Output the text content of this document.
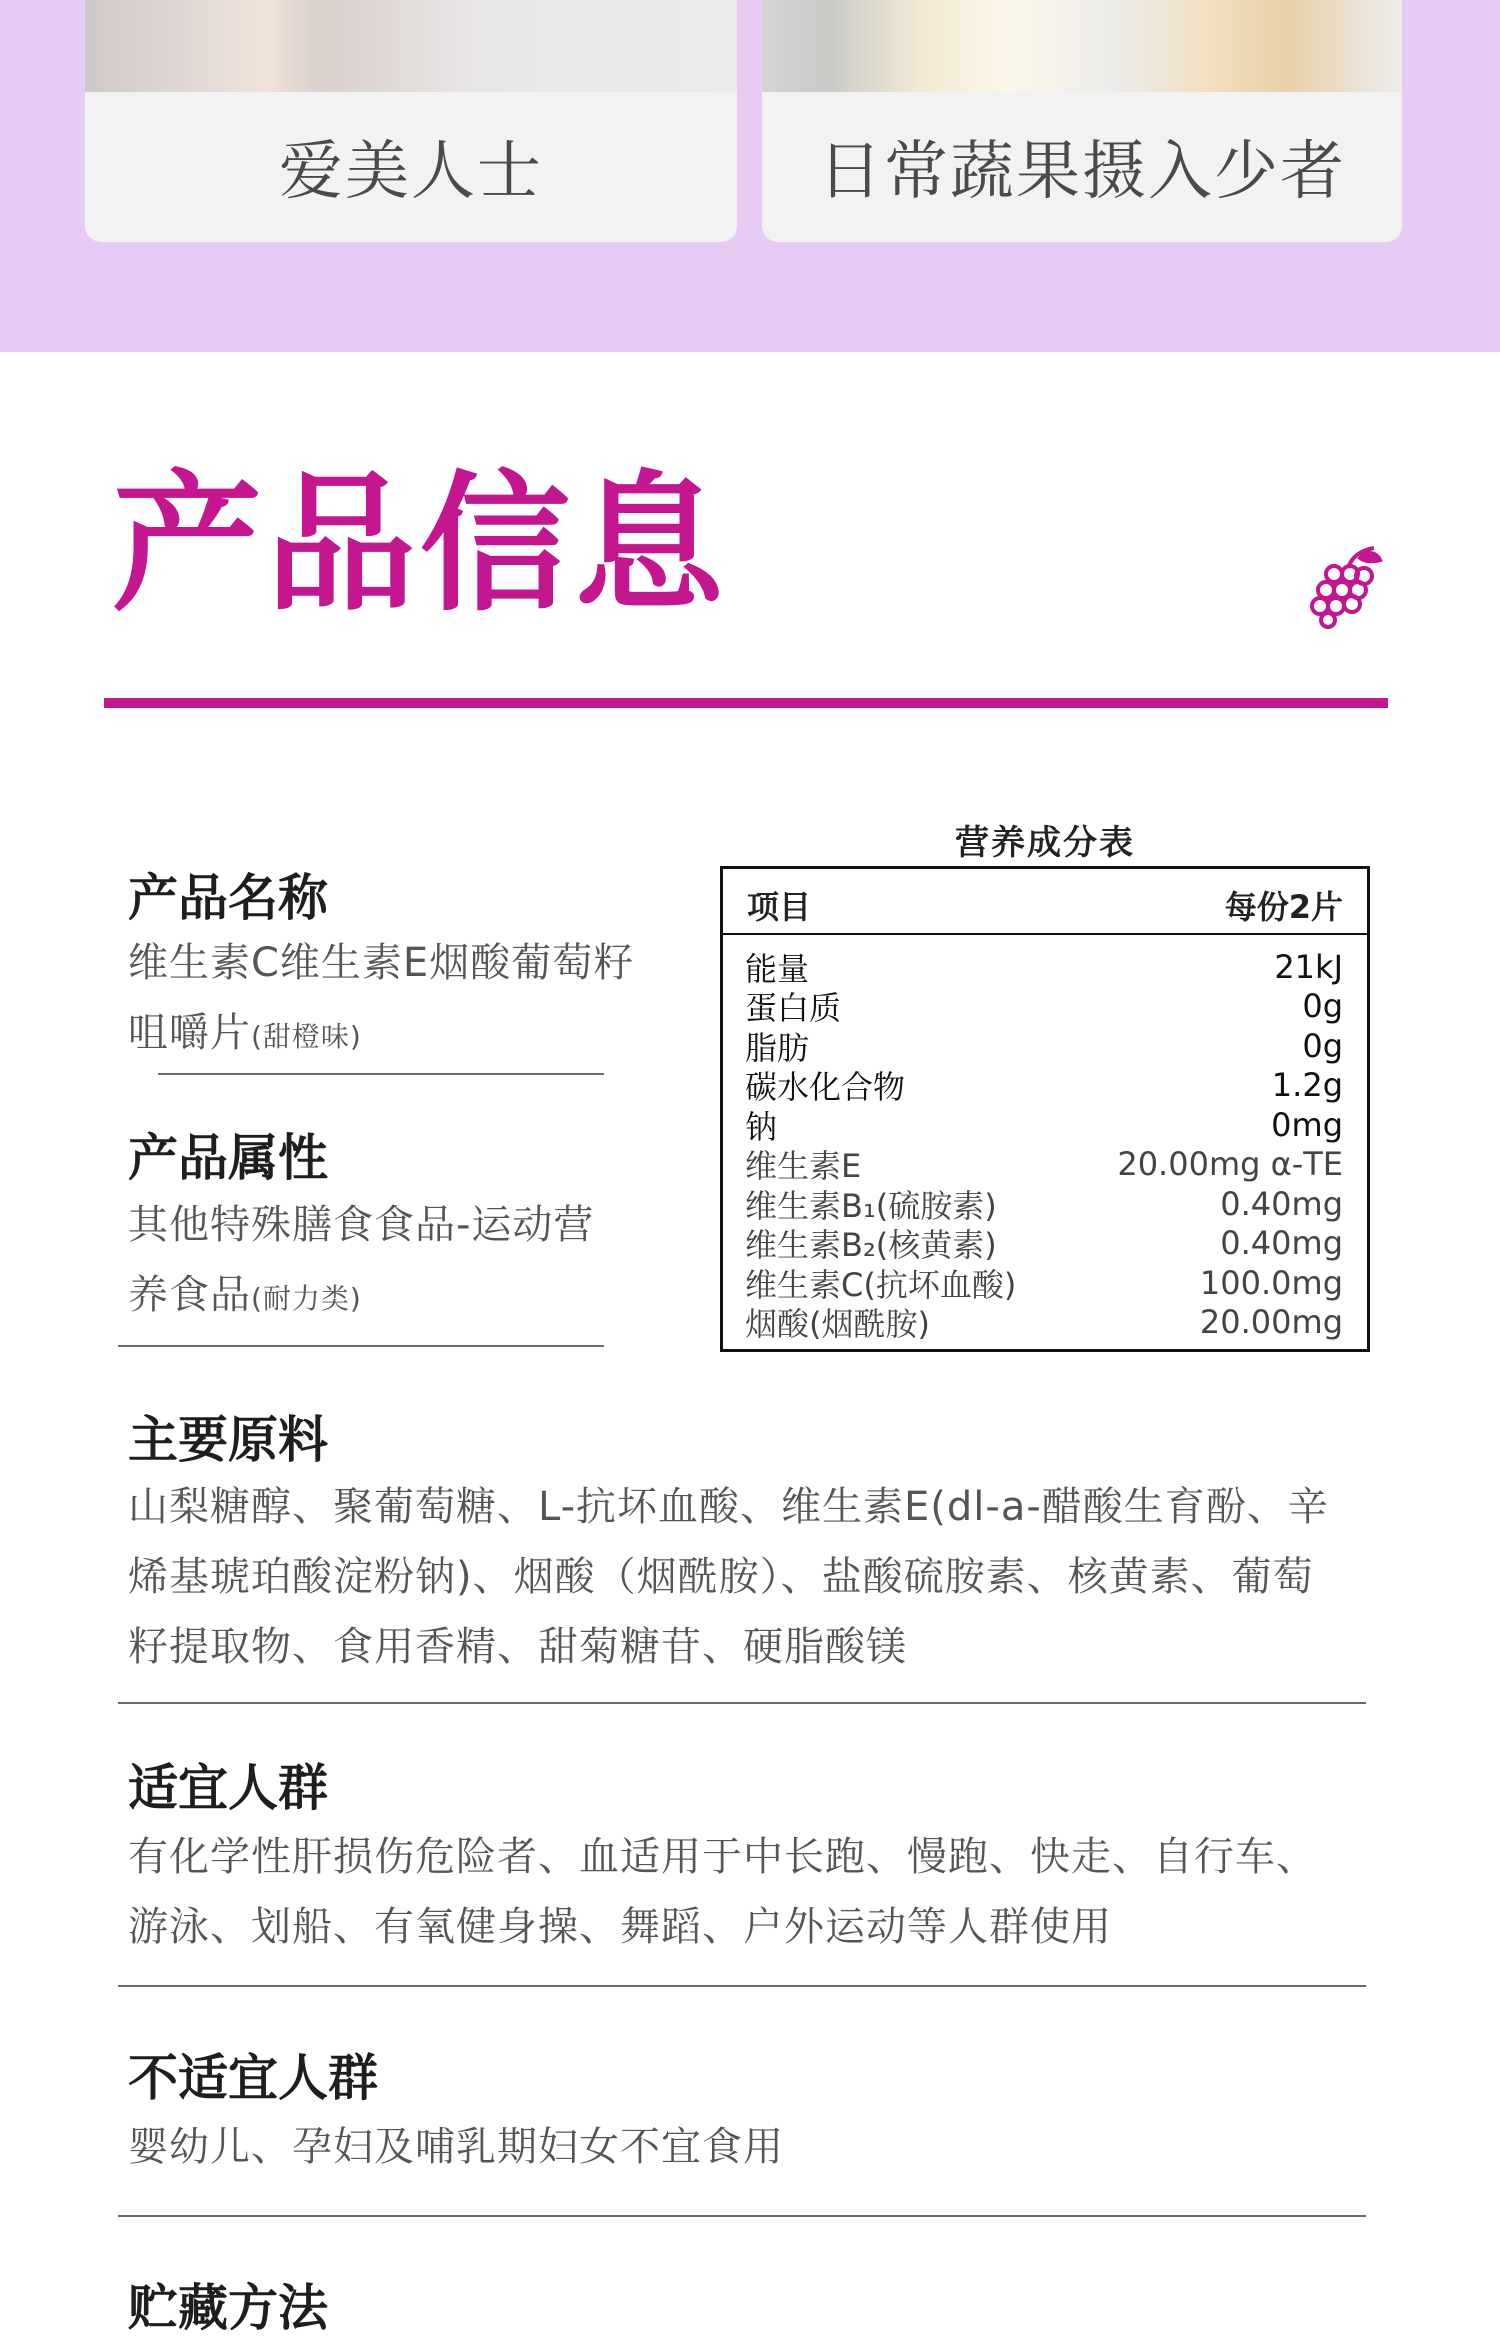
爱美人士	日常蔬果摄入少者
产品信息
产品名称
维生素C维生素E烟酸葡萄籽
咀嚼片(甜橙味)
产品属性
其他特殊膳食食品-运动营
养食品(耐力类)
营养成分表
项目	每份2片
能量	21kJ
蛋白质	0g
脂肪	0g
碳水化合物	1.2g
钠	0mg
维生素E	20.00mg α-TE
维生素B₁(硫胺素)	0.40mg
维生素B₂(核黄素)	0.40mg
维生素C(抗坏血酸)	100.0mg
烟酸(烟酰胺)	20.00mg
主要原料
山梨糖醇、聚葡萄糖、L-抗坏血酸、维生素E(dl-a-醋酸生育酚、辛
烯基琥珀酸淀粉钠)、烟酸（烟酰胺）、盐酸硫胺素、核黄素、葡萄
籽提取物、食用香精、甜菊糖苷、硬脂酸镁
适宜人群
有化学性肝损伤危险者、血适用于中长跑、慢跑、快走、自行车、
游泳、划船、有氧健身操、舞蹈、户外运动等人群使用
不适宜人群
婴幼儿、孕妇及哺乳期妇女不宜食用
贮藏方法
